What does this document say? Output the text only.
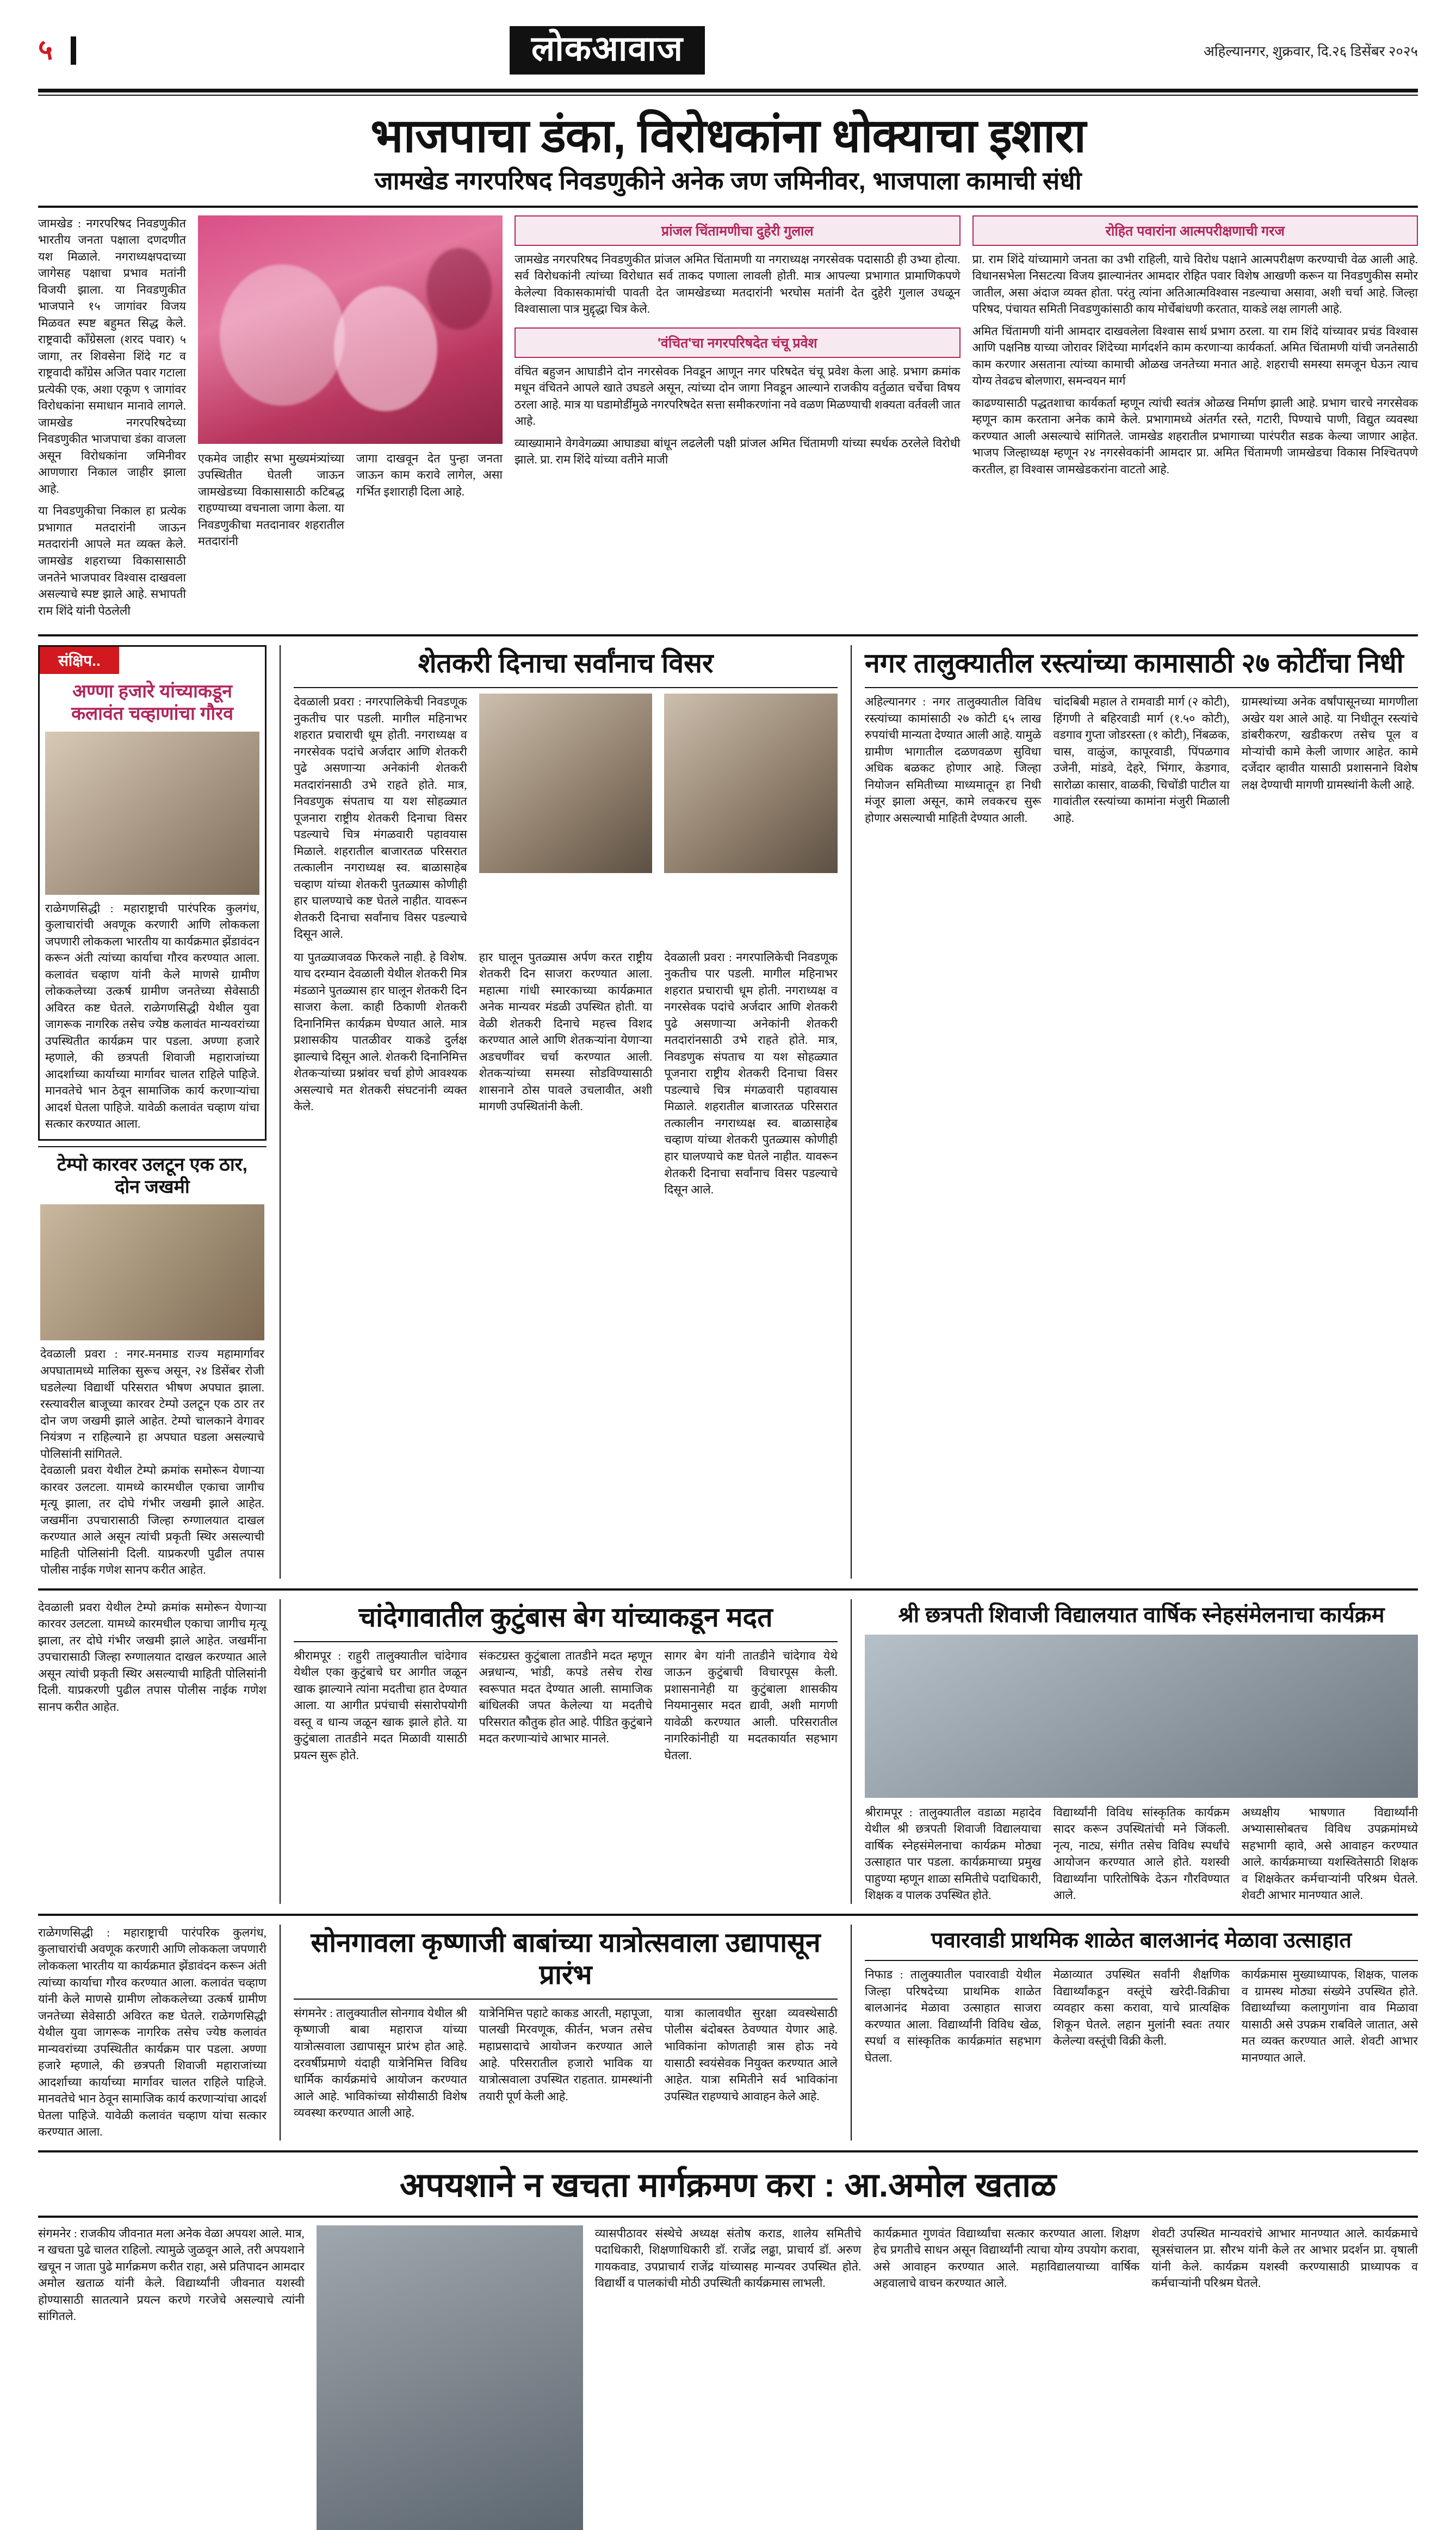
५	लोकआवाज	अहिल्यानगर, शुक्रवार, दि.२६ डिसेंबर २०२५
भाजपाचा डंका, विरोधकांना धोक्याचा इशारा
जामखेड नगरपरिषद निवडणुकीने अनेक जण जमिनीवर, भाजपाला कामाची संधी

जामखेड : नगरपरिषद निवडणुकीत भारतीय जनता पक्षाला दणदणीत यश मिळाले. नगराध्यक्षपदाच्या जागेसह पक्षाचा प्रभाव मतांनी विजयी झाला. या निवडणुकीत भाजपाने १५ जागांवर विजय मिळवत स्पष्ट बहुमत सिद्ध केले. राष्ट्रवादी काँग्रेसला (शरद पवार) ५ जागा, तर शिवसेना शिंदे गट व राष्ट्रवादी काँग्रेस अजित पवार गटाला प्रत्येकी एक, अशा एकूण ९ जागांवर विरोधकांना समाधान मानावे लागले. जामखेड नगरपरिषदेच्या निवडणुकीत भाजपाचा डंका वाजला असून विरोधकांना जमिनीवर आणणारा निकाल जाहीर झाला आहे.

या निवडणुकीचा निकाल हा प्रत्येक प्रभागात मतदारांनी जाऊन मतदारांनी आपले मत व्यक्त केले. जामखेड शहराच्या विकासासाठी जनतेने भाजपावर विश्वास दाखवला असल्याचे स्पष्ट झाले आहे. सभापती राम शिंदे यांनी पेठलेली

एकमेव जाहीर सभा मुख्यमंत्र्यांच्या उपस्थितीत घेतली जाऊन जामखेडच्या विकासासाठी कटिबद्ध राहण्याच्या वचनाला जागा केला. या निवडणुकीचा मतदानावर शहरातील मतदारांनी
जागा दाखवून देत पुन्हा जनता जाऊन काम करावे लागेल, असा गर्भित इशाराही दिला आहे.
प्रांजल चिंतामणीचा दुहेरी गुलाल
जामखेड नगरपरिषद निवडणुकीत प्रांजल अमित चिंतामणी या नगराध्यक्ष नगरसेवक पदासाठी ही उभ्या होत्या. सर्व विरोधकांनी त्यांच्या विरोधात सर्व ताकद पणाला लावली होती. मात्र आपल्या प्रभागात प्रामाणिकपणे केलेल्या विकासकामांची पावती देत जामखेडच्या मतदारांनी भरघोस मतांनी देत दुहेरी गुलाल उधळून विश्वासाला पात्र मुद्दृद्धा चित्र केले.
'वंचित'चा नगरपरिषदेत चंचू प्रवेश
वंचित बहुजन आघाडीने दोन नगरसेवक निवडून आणून नगर परिषदेत चंचू प्रवेश केला आहे. प्रभाग क्रमांक मधून वंचितने आपले खाते उघडले असून, त्यांच्या दोन जागा निवडून आल्याने राजकीय वर्तुळात चर्चेचा विषय ठरला आहे. मात्र या घडामोडींमुळे नगरपरिषदेत सत्ता समीकरणांना नवे वळण मिळण्याची शक्यता वर्तवली जात आहे.
व्याख्यामाने वेगवेगळ्या आघाड्या बांधून लढलेली पक्षी प्रांजल अमित चिंतामणी यांच्या स्पर्धक ठरलेले विरोधी झाले. प्रा. राम शिंदे यांच्या वतीने माजी
रोहित पवारांना आत्मपरीक्षणाची गरज
प्रा. राम शिंदे यांच्यामागे जनता का उभी राहिली, याचे विरोध पक्षाने आत्मपरीक्षण करण्याची वेळ आली आहे. विधानसभेला निसटत्या विजय झाल्यानंतर आमदार रोहित पवार विशेष आखणी करून या निवडणुकीस समोर जातील, असा अंदाज व्यक्त होता. परंतु त्यांना अतिआत्मविश्वास नडल्याचा असावा, अशी चर्चा आहे. जिल्हा परिषद, पंचायत समिती निवडणुकांसाठी काय मोर्चेबांधणी करतात, याकडे लक्ष लागली आहे.
अमित चिंतामणी यांनी आमदार दाखवलेला विश्वास सार्थ प्रभाग ठरला. या राम शिंदे यांच्यावर प्रचंड विश्वास आणि पक्षनिष्ठ याच्या जोरावर शिंदेच्या मार्गदर्शने काम करणाऱ्या कार्यकर्ता. अमित चिंतामणी यांची जनतेसाठी काम करणार असताना त्यांच्या कामाची ओळख जनतेच्या मनात आहे. शहराची समस्या समजून घेऊन त्याच योग्य तेवढच बोलणारा, समन्वयन मार्ग
काढण्यासाठी पद्धतशाचा कार्यकर्ता म्हणून त्यांची स्वतंत्र ओळख निर्माण झाली आहे. प्रभाग चारचे नगरसेवक म्हणून काम करताना अनेक कामे केले. प्रभागामध्ये अंतर्गत रस्ते, गटारी, पिण्याचे पाणी, विद्युत व्यवस्था करण्यात आली असल्याचे सांगितले. जामखेड शहरातील प्रभागाच्या पारंपरीत सडक केल्या जाणार आहेत. भाजप जिल्हाध्यक्ष म्हणून २४ नगरसेवकांनी आमदार प्रा. अमित चिंतामणी जामखेडचा विकास निश्चितपणे करतील, हा विश्वास जामखेडकरांना वाटतो आहे.
संक्षिप..
अण्णा हजारे यांच्याकडून कलावंत चव्हाणांचा गौरव
राळेगणसिद्धी : महाराष्ट्राची पारंपरिक कुलगंध, कुलाचारांची अवणूक करणारी आणि लोककला जपणारी लोककला भारतीय या कार्यक्रमात झेंडावंदन करून अंती त्यांच्या कार्याचा गौरव करण्यात आला. कलावंत चव्हाण यांनी केले माणसे ग्रामीण लोककलेच्या उत्कर्ष ग्रामीण जनतेच्या सेवेसाठी अविरत कष्ट घेतले. राळेगणसिद्धी येथील युवा जागरूक नागरिक तसेच ज्येष्ठ कलावंत मान्यवरांच्या उपस्थितीत कार्यक्रम पार पडला. अण्णा हजारे म्हणाले, की छत्रपती शिवाजी महाराजांच्या आदर्शाच्या कार्याच्या मार्गावर चालत राहिले पाहिजे. मानवतेचे भान ठेवून सामाजिक कार्य करणाऱ्यांचा आदर्श घेतला पाहिजे. यावेळी कलावंत चव्हाण यांचा सत्कार करण्यात आला.
टेम्पो कारवर उलटून एक ठार, दोन जखमी
देवळाली प्रवरा : नगर-मनमाड राज्य महामार्गावर अपघातामध्ये मालिका सुरूच असून, २४ डिसेंबर रोजी घडलेल्या विद्यार्थी परिसरात भीषण अपघात झाला. रस्त्यावरील बाजूच्या कारवर टेम्पो उलटून एक ठार तर दोन जण जखमी झाले आहेत. टेम्पो चालकाने वेगावर नियंत्रण न राहिल्याने हा अपघात घडला असल्याचे पोलिसांनी सांगितले.
देवळाली प्रवरा येथील टेम्पो क्रमांक समोरून येणाऱ्या कारवर उलटला. यामध्ये कारमधील एकाचा जागीच मृत्यू झाला, तर दोघे गंभीर जखमी झाले आहेत. जखमींना उपचारासाठी जिल्हा रुग्णालयात दाखल करण्यात आले असून त्यांची प्रकृती स्थिर असल्याची माहिती पोलिसांनी दिली. याप्रकरणी पुढील तपास पोलीस नाईक गणेश सानप करीत आहेत.
शेतकरी दिनाचा सर्वांनाच विसर
देवळाली प्रवरा : नगरपालिकेची निवडणूक नुकतीच पार पडली. मागील महिनाभर शहरात प्रचाराची धूम होती. नगराध्यक्ष व नगरसेवक पदांचे अर्जदार आणि शेतकरी पुढे असणाऱ्या अनेकांनी शेतकरी मतदारांनसाठी उभे राहते होते. मात्र, निवडणुक संपताच या यश सोहळ्यात पूजनारा राष्ट्रीय शेतकरी दिनाचा विसर पडल्याचे चित्र मंगळवारी पहावयास मिळाले. शहरातील बाजारतळ परिसरात तत्कालीन नगराध्यक्ष स्व. बाळासाहेब चव्हाण यांच्या शेतकरी पुतळ्यास कोणीही हार घालण्याचे कष्ट घेतले नाहीत. यावरून शेतकरी दिनाचा सर्वांनाच विसर पडल्याचे दिसून आले.
या पुतळ्याजवळ फिरकले नाही. हे विशेष. याच दरम्यान देवळाली येथील शेतकरी मित्र मंडळाने पुतळ्यास हार घालून शेतकरी दिन साजरा केला. काही ठिकाणी शेतकरी दिनानिमित्त कार्यक्रम घेण्यात आले. मात्र प्रशासकीय पातळीवर याकडे दुर्लक्ष झाल्याचे दिसून आले. शेतकरी दिनानिमित्त शेतकऱ्यांच्या प्रश्नांवर चर्चा होणे आवश्यक असल्याचे मत शेतकरी संघटनांनी व्यक्त केले.
हार घालून पुतळ्यास अर्पण करत राष्ट्रीय शेतकरी दिन साजरा करण्यात आला. महात्मा गांधी स्मारकाच्या कार्यक्रमात अनेक मान्यवर मंडळी उपस्थित होती. या वेळी शेतकरी दिनाचे महत्त्व विशद करण्यात आले आणि शेतकऱ्यांना येणाऱ्या अडचणींवर चर्चा करण्यात आली. शेतकऱ्यांच्या समस्या सोडविण्यासाठी शासनाने ठोस पावले उचलावीत, अशी मागणी उपस्थितांनी केली.
देवळाली प्रवरा : नगरपालिकेची निवडणूक नुकतीच पार पडली. मागील महिनाभर शहरात प्रचाराची धूम होती. नगराध्यक्ष व नगरसेवक पदांचे अर्जदार आणि शेतकरी पुढे असणाऱ्या अनेकांनी शेतकरी मतदारांनसाठी उभे राहते होते. मात्र, निवडणुक संपताच या यश सोहळ्यात पूजनारा राष्ट्रीय शेतकरी दिनाचा विसर पडल्याचे चित्र मंगळवारी पहावयास मिळाले. शहरातील बाजारतळ परिसरात तत्कालीन नगराध्यक्ष स्व. बाळासाहेब चव्हाण यांच्या शेतकरी पुतळ्यास कोणीही हार घालण्याचे कष्ट घेतले नाहीत. यावरून शेतकरी दिनाचा सर्वांनाच विसर पडल्याचे दिसून आले.
नगर तालुक्यातील रस्त्यांच्या कामासाठी २७ कोटींचा निधी
अहिल्यानगर : नगर तालुक्यातील विविध रस्त्यांच्या कामांसाठी २७ कोटी ६५ लाख रुपयांची मान्यता देण्यात आली आहे. यामुळे ग्रामीण भागातील दळणवळण सुविधा अधिक बळकट होणार आहे. जिल्हा नियोजन समितीच्या माध्यमातून हा निधी मंजूर झाला असून, कामे लवकरच सुरू होणार असल्याची माहिती देण्यात आली.
चांदबिबी महाल ते रामवाडी मार्ग (२ कोटी), हिंगणी ते बहिरवाडी मार्ग (१.५० कोटी), वडगाव गुप्ता जोडरस्ता (१ कोटी), निंबळक, चास, वाळुंज, कापूरवाडी, पिंपळगाव उजेनी, मांडवे, देहरे, भिंगार, केडगाव, सारोळा कासार, वाळकी, चिचोंडी पाटील या गावांतील रस्त्यांच्या कामांना मंजुरी मिळाली आहे.
ग्रामस्थांच्या अनेक वर्षांपासूनच्या मागणीला अखेर यश आले आहे. या निधीतून रस्त्यांचे डांबरीकरण, खडीकरण तसेच पूल व मोऱ्यांची कामे केली जाणार आहेत. कामे दर्जेदार व्हावीत यासाठी प्रशासनाने विशेष लक्ष देण्याची मागणी ग्रामस्थांनी केली आहे.
देवळाली प्रवरा येथील टेम्पो क्रमांक समोरून येणाऱ्या कारवर उलटला. यामध्ये कारमधील एकाचा जागीच मृत्यू झाला, तर दोघे गंभीर जखमी झाले आहेत. जखमींना उपचारासाठी जिल्हा रुग्णालयात दाखल करण्यात आले असून त्यांची प्रकृती स्थिर असल्याची माहिती पोलिसांनी दिली. याप्रकरणी पुढील तपास पोलीस नाईक गणेश सानप करीत आहेत.
चांदेगावातील कुटुंबास बेग यांच्याकडून मदत
श्रीरामपूर : राहुरी तालुक्यातील चांदेगाव येथील एका कुटुंबाचे घर आगीत जळून खाक झाल्याने त्यांना मदतीचा हात देण्यात आला. या आगीत प्रपंचाची संसारोपयोगी वस्तू व धान्य जळून खाक झाले होते. या कुटुंबाला तातडीने मदत मिळावी यासाठी प्रयत्न सुरू होते.
संकटग्रस्त कुटुंबाला तातडीने मदत म्हणून अन्नधान्य, भांडी, कपडे तसेच रोख स्वरूपात मदत देण्यात आली. सामाजिक बांधिलकी जपत केलेल्या या मदतीचे परिसरात कौतुक होत आहे. पीडित कुटुंबाने मदत करणाऱ्यांचे आभार मानले.
सागर बेग यांनी तातडीने चांदेगाव येथे जाऊन कुटुंबाची विचारपूस केली. प्रशासनानेही या कुटुंबाला शासकीय नियमानुसार मदत द्यावी, अशी मागणी यावेळी करण्यात आली. परिसरातील नागरिकांनीही या मदतकार्यात सहभाग घेतला.
श्री छत्रपती शिवाजी विद्यालयात वार्षिक स्नेहसंमेलनाचा कार्यक्रम
श्रीरामपूर : तालुक्यातील वडाळा महादेव येथील श्री छत्रपती शिवाजी विद्यालयाचा वार्षिक स्नेहसंमेलनाचा कार्यक्रम मोठ्या उत्साहात पार पडला. कार्यक्रमाच्या प्रमुख पाहुण्या म्हणून शाळा समितीचे पदाधिकारी, शिक्षक व पालक उपस्थित होते.
विद्यार्थ्यांनी विविध सांस्कृतिक कार्यक्रम सादर करून उपस्थितांची मने जिंकली. नृत्य, नाट्य, संगीत तसेच विविध स्पर्धांचे आयोजन करण्यात आले होते. यशस्वी विद्यार्थ्यांना पारितोषिके देऊन गौरविण्यात आले.
अध्यक्षीय भाषणात विद्यार्थ्यांनी अभ्यासासोबतच विविध उपक्रमांमध्ये सहभागी व्हावे, असे आवाहन करण्यात आले. कार्यक्रमाच्या यशस्वितेसाठी शिक्षक व शिक्षकेतर कर्मचाऱ्यांनी परिश्रम घेतले. शेवटी आभार मानण्यात आले.
राळेगणसिद्धी : महाराष्ट्राची पारंपरिक कुलगंध, कुलाचारांची अवणूक करणारी आणि लोककला जपणारी लोककला भारतीय या कार्यक्रमात झेंडावंदन करून अंती त्यांच्या कार्याचा गौरव करण्यात आला. कलावंत चव्हाण यांनी केले माणसे ग्रामीण लोककलेच्या उत्कर्ष ग्रामीण जनतेच्या सेवेसाठी अविरत कष्ट घेतले. राळेगणसिद्धी येथील युवा जागरूक नागरिक तसेच ज्येष्ठ कलावंत मान्यवरांच्या उपस्थितीत कार्यक्रम पार पडला. अण्णा हजारे म्हणाले, की छत्रपती शिवाजी महाराजांच्या आदर्शाच्या कार्याच्या मार्गावर चालत राहिले पाहिजे. मानवतेचे भान ठेवून सामाजिक कार्य करणाऱ्यांचा आदर्श घेतला पाहिजे. यावेळी कलावंत चव्हाण यांचा सत्कार करण्यात आला.
सोनगावला कृष्णाजी बाबांच्या यात्रोत्सवाला उद्यापासून प्रारंभ
संगमनेर : तालुक्यातील सोनगाव येथील श्री कृष्णाजी बाबा महाराज यांच्या यात्रोत्सवाला उद्यापासून प्रारंभ होत आहे. दरवर्षीप्रमाणे यंदाही यात्रेनिमित्त विविध धार्मिक कार्यक्रमांचे आयोजन करण्यात आले आहे. भाविकांच्या सोयीसाठी विशेष व्यवस्था करण्यात आली आहे.
यात्रेनिमित्त पहाटे काकड आरती, महापूजा, पालखी मिरवणूक, कीर्तन, भजन तसेच महाप्रसादाचे आयोजन करण्यात आले आहे. परिसरातील हजारो भाविक या यात्रोत्सवाला उपस्थित राहतात. ग्रामस्थांनी तयारी पूर्ण केली आहे.
यात्रा कालावधीत सुरक्षा व्यवस्थेसाठी पोलीस बंदोबस्त ठेवण्यात येणार आहे. भाविकांना कोणताही त्रास होऊ नये यासाठी स्वयंसेवक नियुक्त करण्यात आले आहेत. यात्रा समितीने सर्व भाविकांना उपस्थित राहण्याचे आवाहन केले आहे.
पवारवाडी प्राथमिक शाळेत बालआनंद मेळावा उत्साहात
निफाड : तालुक्यातील पवारवाडी येथील जिल्हा परिषदेच्या प्राथमिक शाळेत बालआनंद मेळावा उत्साहात साजरा करण्यात आला. विद्यार्थ्यांनी विविध खेळ, स्पर्धा व सांस्कृतिक कार्यक्रमांत सहभाग घेतला.
मेळाव्यात उपस्थित सर्वांनी शैक्षणिक विद्यार्थ्यांकडून वस्तूंचे खरेदी-विक्रीचा व्यवहार कसा करावा, याचे प्रात्यक्षिक शिकून घेतले. लहान मुलांनी स्वतः तयार केलेल्या वस्तूंची विक्री केली.
कार्यक्रमास मुख्याध्यापक, शिक्षक, पालक व ग्रामस्थ मोठ्या संख्येने उपस्थित होते. विद्यार्थ्यांच्या कलागुणांना वाव मिळावा यासाठी असे उपक्रम राबविले जातात, असे मत व्यक्त करण्यात आले. शेवटी आभार मानण्यात आले.
अपयशाने न खचता मार्गक्रमण करा : आ.अमोल खताळ
संगमनेर : राजकीय जीवनात मला अनेक वेळा अपयश आले. मात्र, न खचता पुढे चालत राहिलो. त्यामुळे जुळवून आले, तरी अपयशाने खचून न जाता पुढे मार्गक्रमण करीत राहा, असे प्रतिपादन आमदार अमोल खताळ यांनी केले. विद्यार्थ्यांनी जीवनात यशस्वी होण्यासाठी सातत्याने प्रयत्न करणे गरजेचे असल्याचे त्यांनी सांगितले.
व्यासपीठावर संस्थेचे अध्यक्ष संतोष कराड, शालेय समितीचे पदाधिकारी, शिक्षणाधिकारी डॉ. राजेंद्र लढ्ढा, प्राचार्य डॉ. अरुण गायकवाड, उपप्राचार्य राजेंद्र यांच्यासह मान्यवर उपस्थित होते. विद्यार्थी व पालकांची मोठी उपस्थिती कार्यक्रमास लाभली.
कार्यक्रमात गुणवंत विद्यार्थ्यांचा सत्कार करण्यात आला. शिक्षण हेच प्रगतीचे साधन असून विद्यार्थ्यांनी त्याचा योग्य उपयोग करावा, असे आवाहन करण्यात आले. महाविद्यालयाच्या वार्षिक अहवालाचे वाचन करण्यात आले.
शेवटी उपस्थित मान्यवरांचे आभार मानण्यात आले. कार्यक्रमाचे सूत्रसंचालन प्रा. सौरभ यांनी केले तर आभार प्रदर्शन प्रा. वृषाली यांनी केले. कार्यक्रम यशस्वी करण्यासाठी प्राध्यापक व कर्मचाऱ्यांनी परिश्रम घेतले.
